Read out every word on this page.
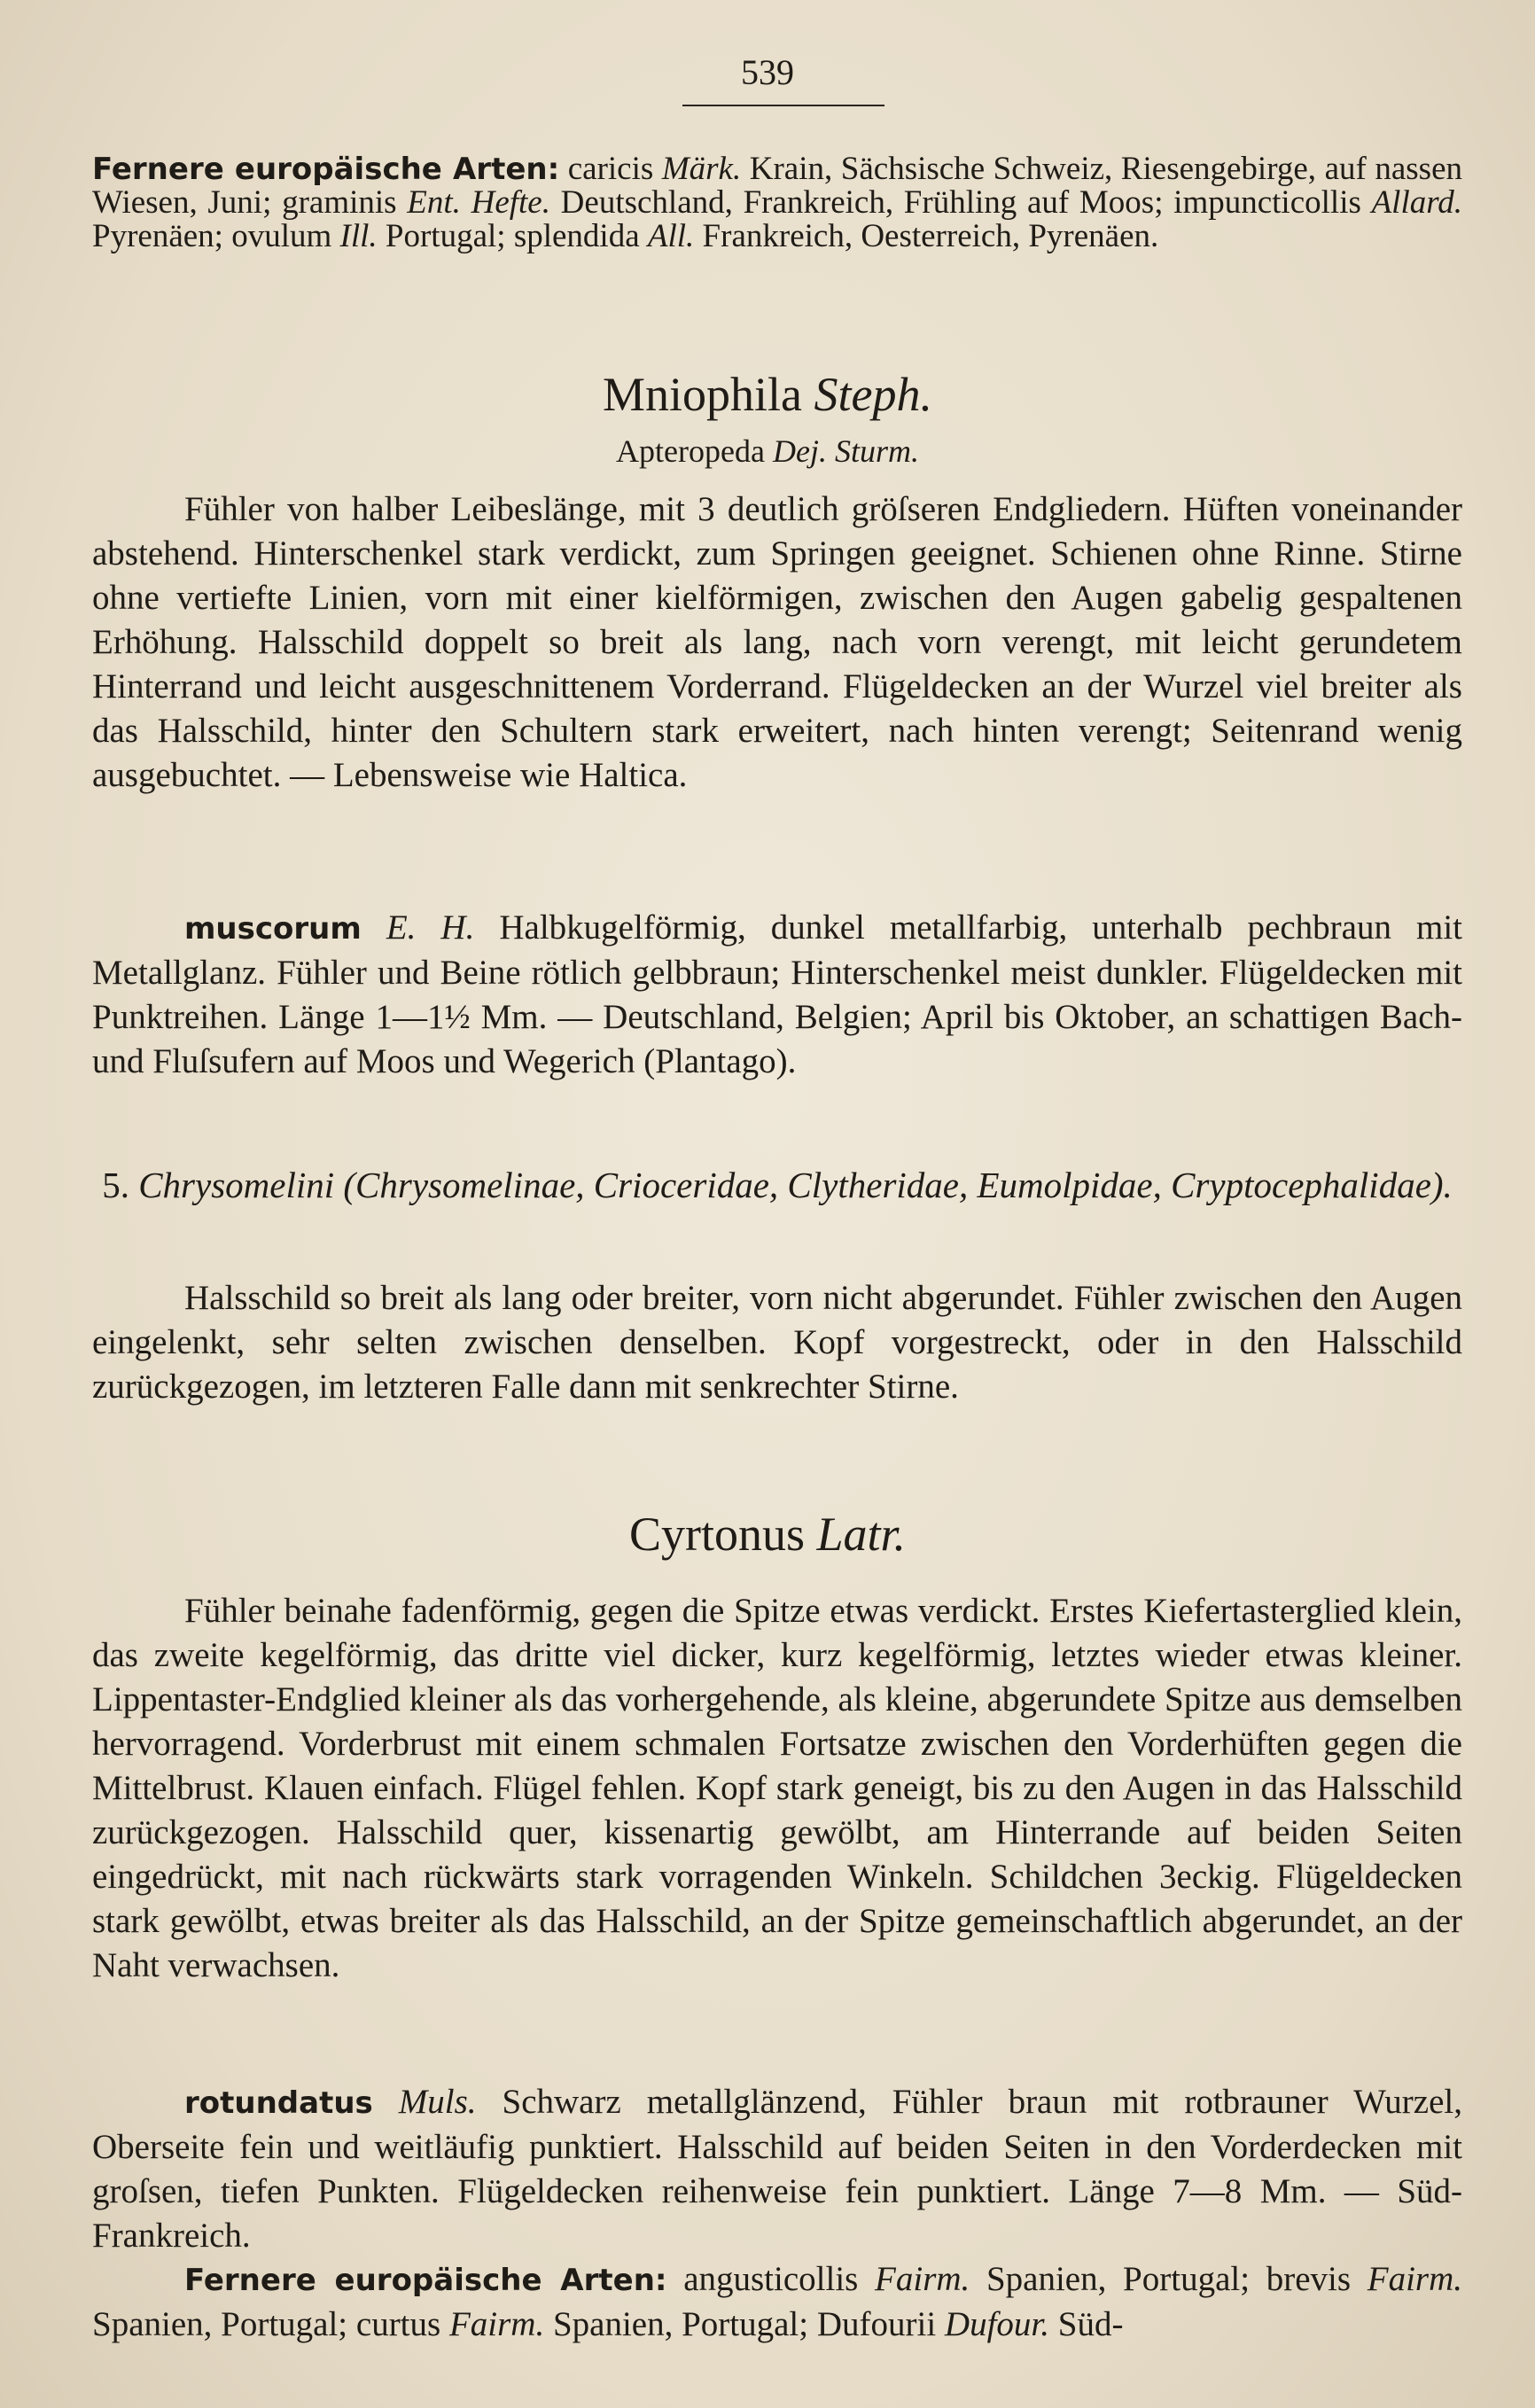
539
Fernere europäische Arten: caricis Märk. Krain, Sächsische Schweiz, Riesengebirge, auf nassen Wiesen, Juni; graminis Ent. Hefte. Deutschland, Frankreich, Frühling auf Moos; impuncticollis Allard. Pyrenäen; ovulum Ill. Portugal; splendida All. Frankreich, Oesterreich, Pyrenäen.
Mniophila Steph.
Apteropeda Dej. Sturm.
Fühler von halber Leibeslänge, mit 3 deutlich gröſseren Endgliedern. Hüften voneinander abstehend. Hinterschenkel stark verdickt, zum Springen geeignet. Schienen ohne Rinne. Stirne ohne vertiefte Linien, vorn mit einer kielförmigen, zwischen den Augen gabelig gespaltenen Erhöhung. Halsschild doppelt so breit als lang, nach vorn verengt, mit leicht gerundetem Hinterrand und leicht ausgeschnittenem Vorderrand. Flügeldecken an der Wurzel viel breiter als das Halsschild, hinter den Schultern stark erweitert, nach hinten verengt; Seitenrand wenig ausgebuchtet. — Lebensweise wie Haltica.
muscorum E. H. Halbkugelförmig, dunkel metallfarbig, unterhalb pechbraun mit Metallglanz. Fühler und Beine rötlich gelbbraun; Hinterschenkel meist dunkler. Flügeldecken mit Punktreihen. Länge 1—1½ Mm. — Deutschland, Belgien; April bis Oktober, an schattigen Bach- und Fluſsufern auf Moos und Wegerich (Plantago).
5. Chrysomelini (Chrysomelinae, Crioceridae, Clytheridae, Eumolpidae, Cryptocephalidae).
Halsschild so breit als lang oder breiter, vorn nicht abgerundet. Fühler zwischen den Augen eingelenkt, sehr selten zwischen denselben. Kopf vorgestreckt, oder in den Halsschild zurückgezogen, im letzteren Falle dann mit senkrechter Stirne.
Cyrtonus Latr.
Fühler beinahe fadenförmig, gegen die Spitze etwas verdickt. Erstes Kiefertasterglied klein, das zweite kegelförmig, das dritte viel dicker, kurz kegelförmig, letztes wieder etwas kleiner. Lippentaster-Endglied kleiner als das vorhergehende, als kleine, abgerundete Spitze aus demselben hervorragend. Vorderbrust mit einem schmalen Fortsatze zwischen den Vorderhüften gegen die Mittelbrust. Klauen einfach. Flügel fehlen. Kopf stark geneigt, bis zu den Augen in das Halsschild zurückgezogen. Halsschild quer, kissenartig gewölbt, am Hinterrande auf beiden Seiten eingedrückt, mit nach rückwärts stark vorragenden Winkeln. Schildchen 3eckig. Flügeldecken stark gewölbt, etwas breiter als das Halsschild, an der Spitze gemeinschaftlich abgerundet, an der Naht verwachsen.
rotundatus Muls. Schwarz metallglänzend, Fühler braun mit rotbrauner Wurzel, Oberseite fein und weitläufig punktiert. Halsschild auf beiden Seiten in den Vorderdecken mit groſsen, tiefen Punkten. Flügeldecken reihenweise fein punktiert. Länge 7—8 Mm. — Süd-Frankreich.
Fernere europäische Arten: angusticollis Fairm. Spanien, Portugal; brevis Fairm. Spanien, Portugal; curtus Fairm. Spanien, Portugal; Dufourii Dufour. Süd-
